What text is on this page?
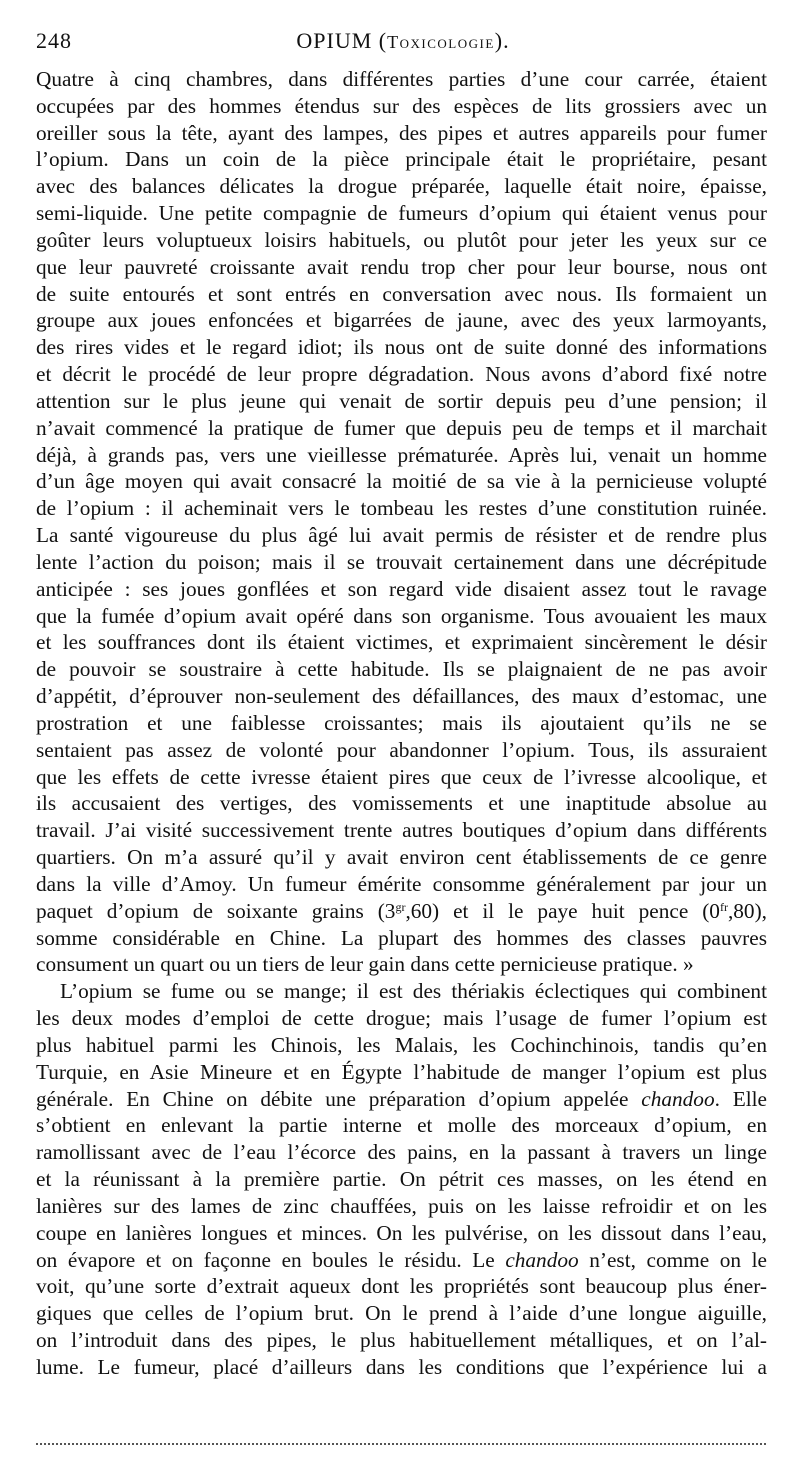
248	OPIUM (Toxicologie).
Quatre à cinq chambres, dans différentes parties d’une cour carrée, étaient
occupées par des hommes étendus sur des espèces de lits grossiers avec un
oreiller sous la tête, ayant des lampes, des pipes et autres appareils pour fumer
l’opium. Dans un coin de la pièce principale était le propriétaire, pesant
avec des balances délicates la drogue préparée, laquelle était noire, épaisse,
semi-liquide. Une petite compagnie de fumeurs d’opium qui étaient venus pour
goûter leurs voluptueux loisirs habituels, ou plutôt pour jeter les yeux sur ce
que leur pauvreté croissante avait rendu trop cher pour leur bourse, nous ont
de suite entourés et sont entrés en conversation avec nous. Ils formaient un
groupe aux joues enfoncées et bigarrées de jaune, avec des yeux larmoyants,
des rires vides et le regard idiot; ils nous ont de suite donné des informations
et décrit le procédé de leur propre dégradation. Nous avons d’abord fixé notre
attention sur le plus jeune qui venait de sortir depuis peu d’une pension; il
n’avait commencé la pratique de fumer que depuis peu de temps et il marchait
déjà, à grands pas, vers une vieillesse prématurée. Après lui, venait un homme
d’un âge moyen qui avait consacré la moitié de sa vie à la pernicieuse volupté
de l’opium : il acheminait vers le tombeau les restes d’une constitution ruinée.
La santé vigoureuse du plus âgé lui avait permis de résister et de rendre plus
lente l’action du poison; mais il se trouvait certainement dans une décrépitude
anticipée : ses joues gonflées et son regard vide disaient assez tout le ravage
que la fumée d’opium avait opéré dans son organisme. Tous avouaient les maux
et les souffrances dont ils étaient victimes, et exprimaient sincèrement le désir
de pouvoir se soustraire à cette habitude. Ils se plaignaient de ne pas avoir
d’appétit, d’éprouver non-seulement des défaillances, des maux d’estomac, une
prostration et une faiblesse croissantes; mais ils ajoutaient qu’ils ne se
sentaient pas assez de volonté pour abandonner l’opium. Tous, ils assuraient
que les effets de cette ivresse étaient pires que ceux de l’ivresse alcoolique, et
ils accusaient des vertiges, des vomissements et une inaptitude absolue au
travail. J’ai visité successivement trente autres boutiques d’opium dans différents
quartiers. On m’a assuré qu’il y avait environ cent établissements de ce genre
dans la ville d’Amoy. Un fumeur émérite consomme généralement par jour un
paquet d’opium de soixante grains $(3^{gr},60)$ et il le paye huit pence $(0^{fr},80)$,
somme considérable en Chine. La plupart des hommes des classes pauvres
consument un quart ou un tiers de leur gain dans cette pernicieuse pratique. »
L’opium se fume ou se mange; il est des thériakis éclectiques qui combinent
les deux modes d’emploi de cette drogue; mais l’usage de fumer l’opium est
plus habituel parmi les Chinois, les Malais, les Cochinchinois, tandis qu’en
Turquie, en Asie Mineure et en Égypte l’habitude de manger l’opium est plus
générale. En Chine on débite une préparation d’opium appelée chandoo. Elle
s’obtient en enlevant la partie interne et molle des morceaux d’opium, en
ramollissant avec de l’eau l’écorce des pains, en la passant à travers un linge
et la réunissant à la première partie. On pétrit ces masses, on les étend en
lanières sur des lames de zinc chauffées, puis on les laisse refroidir et on les
coupe en lanières longues et minces. On les pulvérise, on les dissout dans l’eau,
on évapore et on façonne en boules le résidu. Le chandoo n’est, comme on le
voit, qu’une sorte d’extrait aqueux dont les propriétés sont beaucoup plus éner-
giques que celles de l’opium brut. On le prend à l’aide d’une longue aiguille,
on l’introduit dans des pipes, le plus habituellement métalliques, et on l’al-
lume. Le fumeur, placé d’ailleurs dans les conditions que l’expérience lui a
